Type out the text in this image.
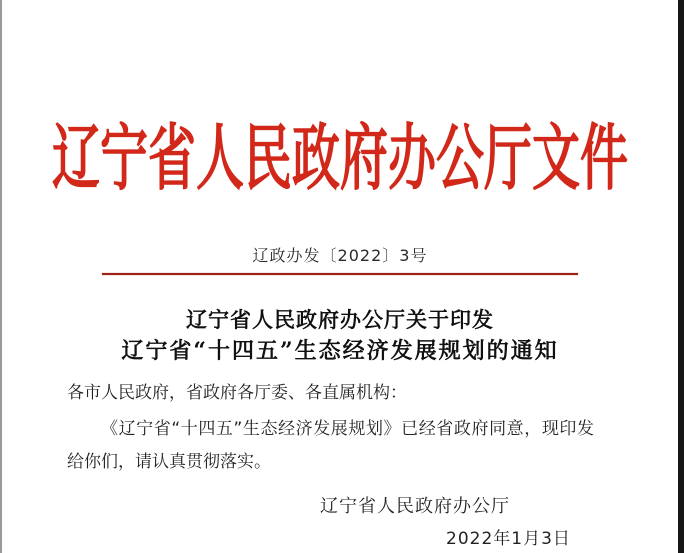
辽宁省人民政府办公厅文件
辽政办发〔2022〕3号
辽宁省人民政府办公厅关于印发
辽宁省“十四五”生态经济发展规划的通知
各市人民政府，省政府各厅委、各直属机构：
《辽宁省“十四五”生态经济发展规划》已经省政府同意，现印发给你们，请认真贯彻落实。
辽宁省人民政府办公厅
2022年1月3日
